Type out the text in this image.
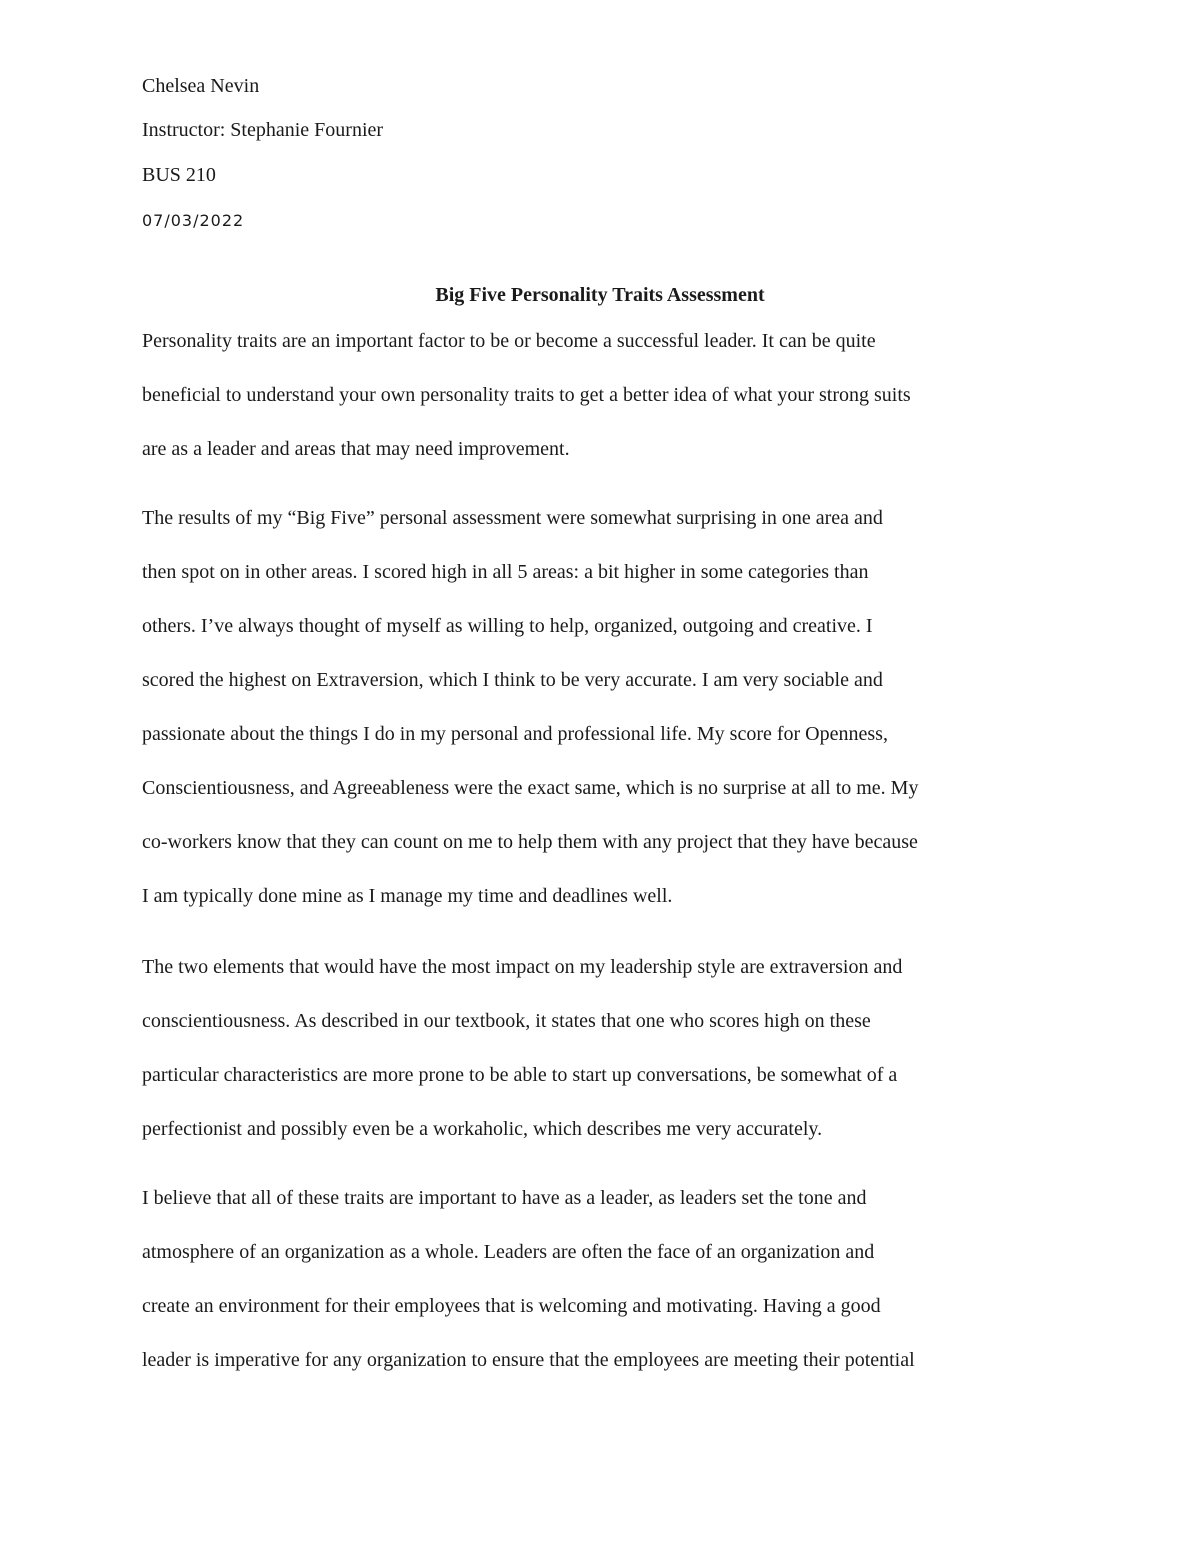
Chelsea Nevin
Instructor: Stephanie Fournier
BUS 210
07/03/2022
Big Five Personality Traits Assessment
Personality traits are an important factor to be or become a successful leader. It can be quite
beneficial to understand your own personality traits to get a better idea of what your strong suits
are as a leader and areas that may need improvement.
The results of my “Big Five” personal assessment were somewhat surprising in one area and
then spot on in other areas. I scored high in all 5 areas: a bit higher in some categories than
others. I’ve always thought of myself as willing to help, organized, outgoing and creative. I
scored the highest on Extraversion, which I think to be very accurate. I am very sociable and
passionate about the things I do in my personal and professional life. My score for Openness,
Conscientiousness, and Agreeableness were the exact same, which is no surprise at all to me. My
co-workers know that they can count on me to help them with any project that they have because
I am typically done mine as I manage my time and deadlines well.
The two elements that would have the most impact on my leadership style are extraversion and
conscientiousness. As described in our textbook, it states that one who scores high on these
particular characteristics are more prone to be able to start up conversations, be somewhat of a
perfectionist and possibly even be a workaholic, which describes me very accurately.
I believe that all of these traits are important to have as a leader, as leaders set the tone and
atmosphere of an organization as a whole. Leaders are often the face of an organization and
create an environment for their employees that is welcoming and motivating. Having a good
leader is imperative for any organization to ensure that the employees are meeting their potential
